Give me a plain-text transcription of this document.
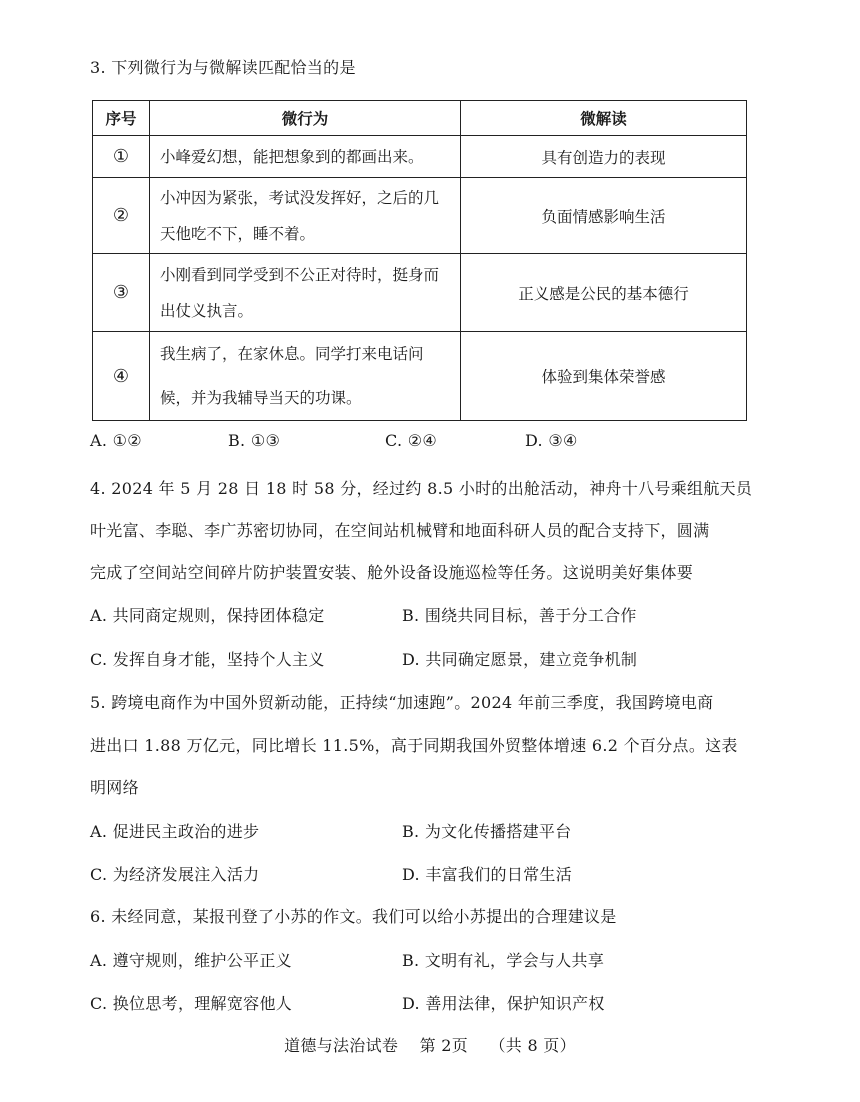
3. 下列微行为与微解读匹配恰当的是
序号	微行为	微解读
①	小峰爱幻想，能把想象到的都画出来。	具有创造力的表现
②	小冲因为紧张，考试没发挥好，之后的几天他吃不下，睡不着。	负面情感影响生活
③	小刚看到同学受到不公正对待时，挺身而出仗义执言。	正义感是公民的基本德行
④	我生病了，在家休息。同学打来电话问候，并为我辅导当天的功课。	体验到集体荣誉感
A. ①②	B. ①③	C. ②④	D. ③④
4. 2024 年 5 月 28 日 18 时 58 分，经过约 8.5 小时的出舱活动，神舟十八号乘组航天员
叶光富、李聪、李广苏密切协同，在空间站机械臂和地面科研人员的配合支持下，圆满
完成了空间站空间碎片防护装置安装、舱外设备设施巡检等任务。这说明美好集体要
A. 共同商定规则，保持团体稳定	B. 围绕共同目标，善于分工合作
C. 发挥自身才能，坚持个人主义	D. 共同确定愿景，建立竞争机制
5. 跨境电商作为中国外贸新动能，正持续“加速跑”。2024 年前三季度，我国跨境电商
进出口 1.88 万亿元，同比增长 11.5%，高于同期我国外贸整体增速 6.2 个百分点。这表
明网络
A. 促进民主政治的进步	B. 为文化传播搭建平台
C. 为经济发展注入活力	D. 丰富我们的日常生活
6. 未经同意，某报刊登了小苏的作文。我们可以给小苏提出的合理建议是
A. 遵守规则，维护公平正义	B. 文明有礼，学会与人共享
C. 换位思考，理解宽容他人	D. 善用法律，保护知识产权
道德与法治试卷 第 2页 （共 8 页）
